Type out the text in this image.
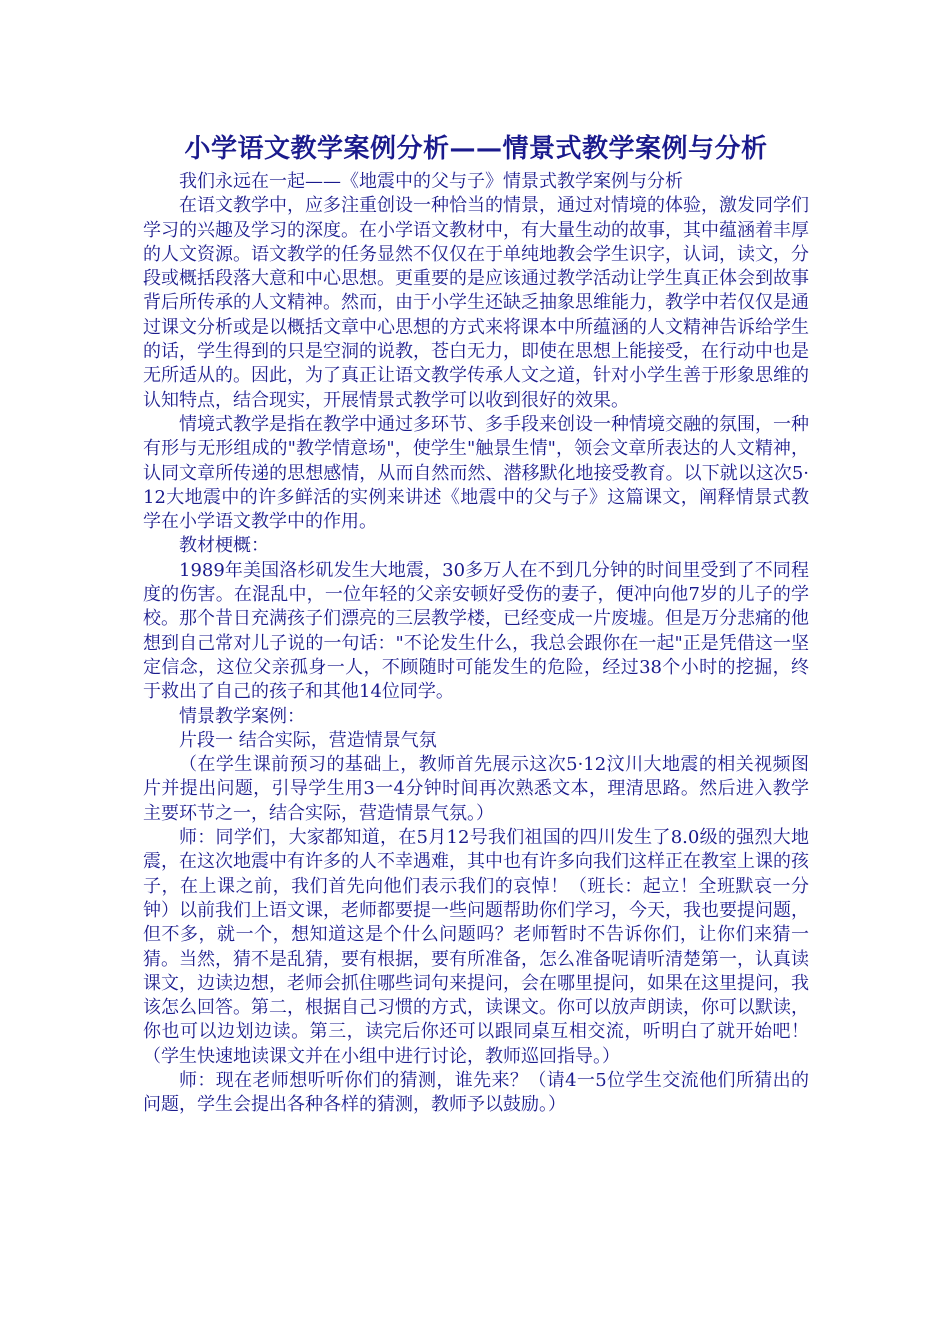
小学语文教学案例分析——情景式教学案例与分析

我们永远在一起——《地震中的父与子》情景式教学案例与分析

在语文教学中，应多注重创设一种恰当的情景，通过对情境的体验，激发同学们学习的兴趣及学习的深度。在小学语文教材中，有大量生动的故事，其中蕴涵着丰厚的人文资源。语文教学的任务显然不仅仅在于单纯地教会学生识字，认词，读文，分段或概括段落大意和中心思想。更重要的是应该通过教学活动让学生真正体会到故事背后所传承的人文精神。然而，由于小学生还缺乏抽象思维能力，教学中若仅仅是通过课文分析或是以概括文章中心思想的方式来将课本中所蕴涵的人文精神告诉给学生的话，学生得到的只是空洞的说教，苍白无力，即使在思想上能接受，在行动中也是无所适从的。因此，为了真正让语文教学传承人文之道，针对小学生善于形象思维的认知特点，结合现实，开展情景式教学可以收到很好的效果。

情境式教学是指在教学中通过多环节、多手段来创设一种情境交融的氛围，一种有形与无形组成的"教学情意场"，使学生"触景生情"，领会文章所表达的人文精神，认同文章所传递的思想感情，从而自然而然、潜移默化地接受教育。以下就以这次5·12大地震中的许多鲜活的实例来讲述《地震中的父与子》这篇课文，阐释情景式教学在小学语文教学中的作用。

教材梗概：

1989年美国洛杉矶发生大地震，30多万人在不到几分钟的时间里受到了不同程度的伤害。在混乱中，一位年轻的父亲安顿好受伤的妻子，便冲向他7岁的儿子的学校。那个昔日充满孩子们漂亮的三层教学楼，已经变成一片废墟。但是万分悲痛的他想到自己常对儿子说的一句话："不论发生什么，我总会跟你在一起"正是凭借这一坚定信念，这位父亲孤身一人，不顾随时可能发生的危险，经过38个小时的挖掘，终于救出了自己的孩子和其他14位同学。

情景教学案例：

片段一 结合实际，营造情景气氛

（在学生课前预习的基础上，教师首先展示这次5·12汶川大地震的相关视频图片并提出问题，引导学生用3一4分钟时间再次熟悉文本，理清思路。然后进入教学主要环节之一，结合实际，营造情景气氛。）

师：同学们，大家都知道，在5月12号我们祖国的四川发生了8.0级的强烈大地震，在这次地震中有许多的人不幸遇难，其中也有许多向我们这样正在教室上课的孩子，在上课之前，我们首先向他们表示我们的哀悼！（班长：起立！全班默哀一分钟）以前我们上语文课，老师都要提一些问题帮助你们学习，今天，我也要提问题，但不多，就一个，想知道这是个什么问题吗？老师暂时不告诉你们，让你们来猜一猜。当然，猜不是乱猜，要有根据，要有所准备，怎么准备呢请听清楚第一，认真读课文，边读边想，老师会抓住哪些词句来提问，会在哪里提问，如果在这里提问，我该怎么回答。第二，根据自己习惯的方式，读课文。你可以放声朗读，你可以默读，你也可以边划边读。第三，读完后你还可以跟同桌互相交流，听明白了就开始吧！（学生快速地读课文并在小组中进行讨论，教师巡回指导。）

师：现在老师想听听你们的猜测，谁先来？（请4一5位学生交流他们所猜出的问题，学生会提出各种各样的猜测，教师予以鼓励。）
